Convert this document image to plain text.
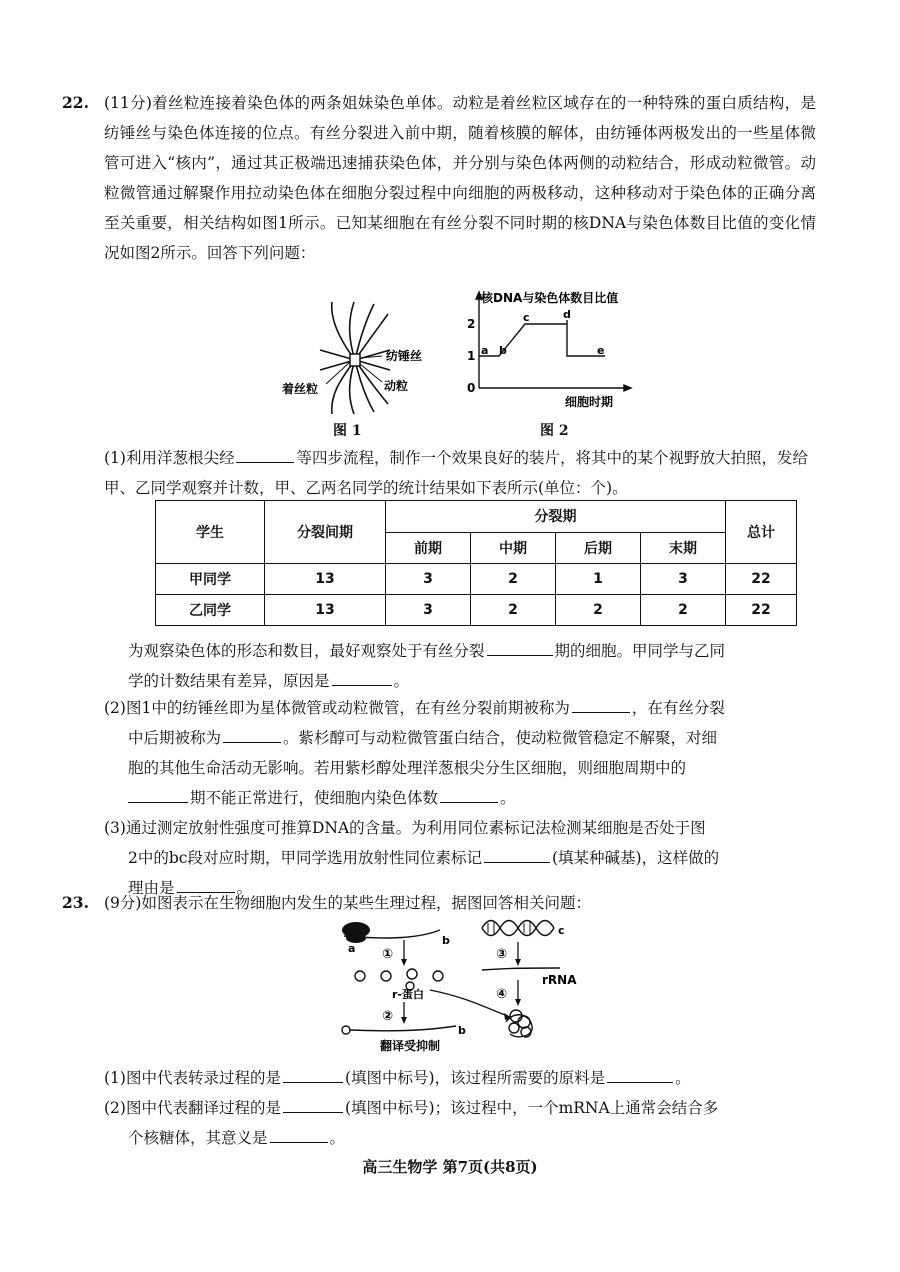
22. (11分)着丝粒连接着染色体的两条姐妹染色单体。动粒是着丝粒区域存在的一种特殊的蛋白质结构，是纺锤丝与染色体连接的位点。有丝分裂进入前中期，随着核膜的解体，由纺锤体两极发出的一些星体微管可进入“核内”，通过其正极端迅速捕获染色体，并分别与染色体两侧的动粒结合，形成动粒微管。动粒微管通过解聚作用拉动染色体在细胞分裂过程中向细胞的两极移动，这种移动对于染色体的正确分离至关重要，相关结构如图1所示。已知某细胞在有丝分裂不同时期的核DNA与染色体数目比值的变化情况如图2所示。回答下列问题：
纺锤丝
动粒
着丝粒
图 1
核DNA与染色体数目比值
2
1
0
a b
c	d
e
细胞时期
图 2
(1)利用洋葱根尖经	等四步流程，制作一个效果良好的装片，将其中的某个视野放大拍照，发给甲、乙同学观察并计数，甲、乙两名同学的统计结果如下表所示(单位：个)。
学生	分裂间期	分裂期				总计
		前期	中期	后期	末期	
甲同学	13	3	2	1	3	22
乙同学	13	3	2	2	2	22
为观察染色体的形态和数目，最好观察处于有丝分裂	期的细胞。甲同学与乙同
学的计数结果有差异，原因是	。
(2)图1中的纺锤丝即为星体微管或动粒微管，在有丝分裂前期被称为	，在有丝分裂
中后期被称为	。紫杉醇可与动粒微管蛋白结合，使动粒微管稳定不解聚，对细
胞的其他生命活动无影响。若用紫杉醇处理洋葱根尖分生区细胞，则细胞周期中的
期不能正常进行，使细胞内染色体数	。
(3)通过测定放射性强度可推算DNA的含量。为利用同位素标记法检测某细胞是否处于图
2中的bc段对应时期，甲同学选用放射性同位素标记	(填某种碱基)，这样做的
理由是	。
23. (9分)如图表示在生物细胞内发生的某些生理过程，据图回答相关问题：
a
b
①
r-蛋白
②
b
翻译受抑制
c
③
rRNA
④
(1)图中代表转录过程的是	(填图中标号)，该过程所需要的原料是	。
(2)图中代表翻译过程的是	(填图中标号)；该过程中，一个mRNA上通常会结合多
个核糖体，其意义是	。
高三生物学 第7页(共8页)
